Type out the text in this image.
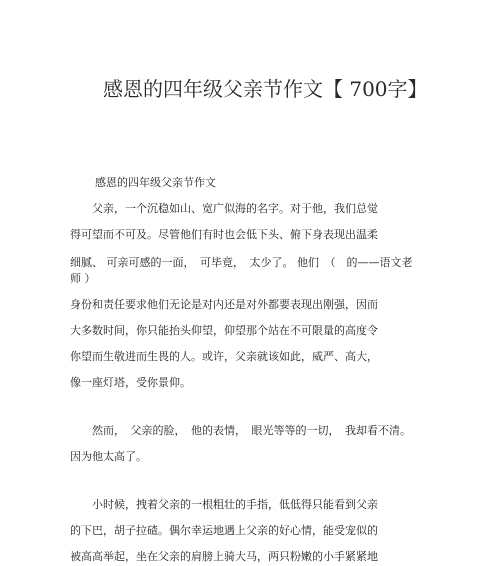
感恩的四年级父亲节作文【 700字】
感恩的四年级父亲节作文
　　父亲，一个沉稳如山、宽广似海的名字。对于他，我们总觉
得可望而不可及。尽管他们有时也会低下头、俯下身表现出温柔
细腻、 可亲可感的一面，　可毕竟，　太少了。 他们　（　的——语文老
师 ）
身份和责任要求他们无论是对内还是对外都要表现出刚强，因而
大多数时间，你只能抬头仰望，仰望那个站在不可限量的高度令
你望而生敬进而生畏的人。或许，父亲就该如此，威严、高大，
像一座灯塔，受你景仰。
　　然而，　父亲的脸，　他的表情，　眼光等等的一切，　我却看不清。
因为他太高了。
　　小时候，拽着父亲的一根粗壮的手指，低低得只能看到父亲
的下巴，胡子拉碴。偶尔幸运地遇上父亲的好心情，能受宠似的
被高高举起，坐在父亲的肩膀上骑大马，两只粉嫩的小手紧紧地
